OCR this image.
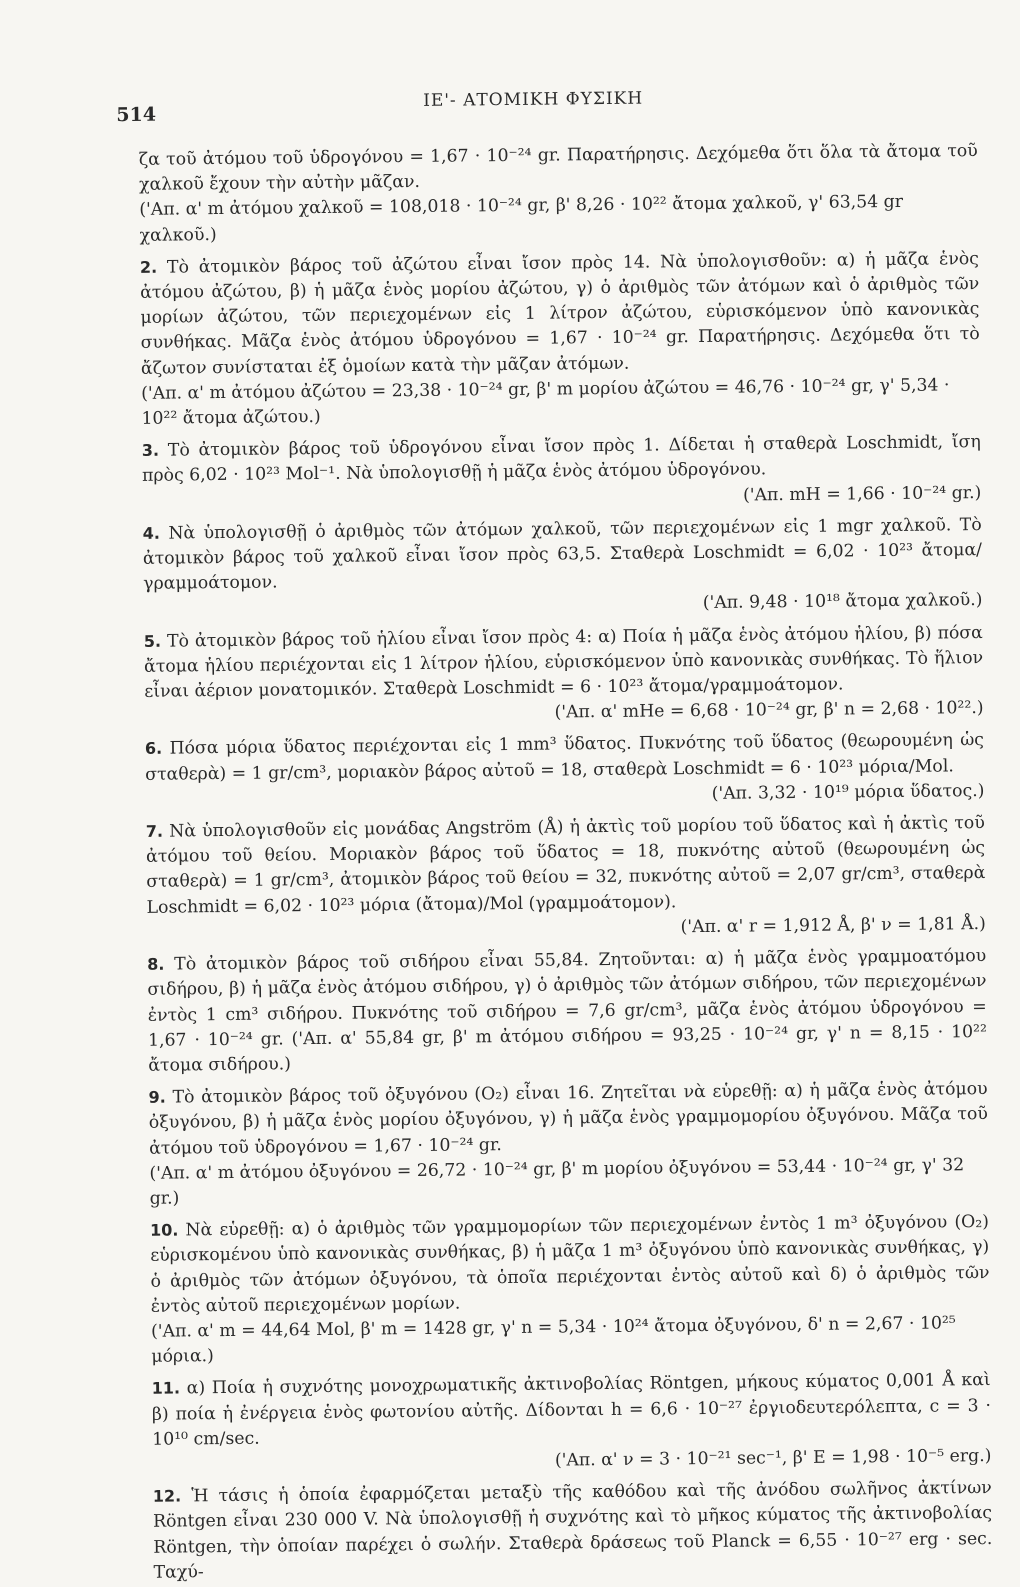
514
ΙΕ'- ΑΤΟΜΙΚΗ ΦΥΣΙΚΗ

ζα τοῦ ἀτόμου τοῦ ὑδρογόνου = 1,67 · 10⁻²⁴ gr. Παρατήρησις. Δεχόμεθα ὅτι ὅλα τὰ ἄτομα τοῦ χαλκοῦ ἔχουν τὴν αὐτὴν μᾶζαν.

('Απ. α' m ἀτόμου χαλκοῦ = 108,018 · 10⁻²⁴ gr, β' 8,26 · 10²² ἄτομα χαλκοῦ, γ' 63,54 gr χαλκοῦ.)

2. Τὸ ἀτομικὸν βάρος τοῦ ἀζώτου εἶναι ἴσον πρὸς 14. Νὰ ὑπολογισθοῦν: α) ἡ μᾶζα ἑνὸς ἀτόμου ἀζώτου, β) ἡ μᾶζα ἑνὸς μορίου ἀζώτου, γ) ὁ ἀριθμὸς τῶν ἀτόμων καὶ ὁ ἀριθμὸς τῶν μορίων ἀζώτου, τῶν περιεχομένων εἰς 1 λίτρον ἀζώτου, εὑρισκόμενον ὑπὸ κανονικὰς συνθήκας. Μᾶζα ἑνὸς ἀτόμου ὑδρογόνου = 1,67 · 10⁻²⁴ gr. Παρατήρησις. Δεχόμεθα ὅτι τὸ ἄζωτον συνίσταται ἐξ ὁμοίων κατὰ τὴν μᾶζαν ἀτόμων.

('Απ. α' m ἀτόμου ἀζώτου = 23,38 · 10⁻²⁴ gr, β' m μορίου ἀζώτου = 46,76 · 10⁻²⁴ gr, γ' 5,34 · 10²² ἄτομα ἀζώτου.)

3. Τὸ ἀτομικὸν βάρος τοῦ ὑδρογόνου εἶναι ἴσον πρὸς 1. Δίδεται ἡ σταθερὰ Loschmidt, ἴση πρὸς 6,02 · 10²³ Mol⁻¹. Νὰ ὑπολογισθῇ ἡ μᾶζα ἑνὸς ἀτόμου ὑδρογόνου.

('Απ. mH = 1,66 · 10⁻²⁴ gr.)

4. Νὰ ὑπολογισθῇ ὁ ἀριθμὸς τῶν ἀτόμων χαλκοῦ, τῶν περιεχομένων εἰς 1 mgr χαλκοῦ. Τὸ ἀτομικὸν βάρος τοῦ χαλκοῦ εἶναι ἴσον πρὸς 63,5. Σταθερὰ Loschmidt = 6,02 · 10²³ ἄτομα/γραμμοάτομον.

('Απ. 9,48 · 10¹⁸ ἄτομα χαλκοῦ.)

5. Τὸ ἀτομικὸν βάρος τοῦ ἡλίου εἶναι ἴσον πρὸς 4: α) Ποία ἡ μᾶζα ἑνὸς ἀτόμου ἡλίου, β) πόσα ἄτομα ἡλίου περιέχονται εἰς 1 λίτρον ἡλίου, εὑρισκόμενον ὑπὸ κανονικὰς συνθήκας. Τὸ ἥλιον εἶναι ἀέριον μονατομικόν. Σταθερὰ Loschmidt = 6 · 10²³ ἄτομα/γραμμοάτομον.

('Απ. α' mHe = 6,68 · 10⁻²⁴ gr, β' n = 2,68 · 10²².)

6. Πόσα μόρια ὕδατος περιέχονται εἰς 1 mm³ ὕδατος. Πυκνότης τοῦ ὕδατος (θεωρουμένη ὡς σταθερὰ) = 1 gr/cm³, μοριακὸν βάρος αὐτοῦ = 18, σταθερὰ Loschmidt = 6 · 10²³ μόρια/Mol.

('Απ. 3,32 · 10¹⁹ μόρια ὕδατος.)

7. Νὰ ὑπολογισθοῦν εἰς μονάδας Angström (Å) ἡ ἀκτὶς τοῦ μορίου τοῦ ὕδατος καὶ ἡ ἀκτὶς τοῦ ἀτόμου τοῦ θείου. Μοριακὸν βάρος τοῦ ὕδατος = 18, πυκνότης αὐτοῦ (θεωρουμένη ὡς σταθερὰ) = 1 gr/cm³, ἀτομικὸν βάρος τοῦ θείου = 32, πυκνότης αὐτοῦ = 2,07 gr/cm³, σταθερὰ Loschmidt = 6,02 · 10²³ μόρια (ἄτομα)/Mol (γραμμοάτομον).

('Απ. α' r = 1,912 Å, β' ν = 1,81 Å.)

8. Τὸ ἀτομικὸν βάρος τοῦ σιδήρου εἶναι 55,84. Ζητοῦνται: α) ἡ μᾶζα ἑνὸς γραμμοατόμου σιδήρου, β) ἡ μᾶζα ἑνὸς ἀτόμου σιδήρου, γ) ὁ ἀριθμὸς τῶν ἀτόμων σιδήρου, τῶν περιεχομένων ἐντὸς 1 cm³ σιδήρου. Πυκνότης τοῦ σιδήρου = 7,6 gr/cm³, μᾶζα ἑνὸς ἀτόμου ὑδρογόνου = 1,67 · 10⁻²⁴ gr. ('Απ. α' 55,84 gr, β' m ἀτόμου σιδήρου = 93,25 · 10⁻²⁴ gr, γ' n = 8,15 · 10²² ἄτομα σιδήρου.)

9. Τὸ ἀτομικὸν βάρος τοῦ ὀξυγόνου (O₂) εἶναι 16. Ζητεῖται νὰ εὑρεθῇ: α) ἡ μᾶζα ἑνὸς ἀτόμου ὀξυγόνου, β) ἡ μᾶζα ἑνὸς μορίου ὀξυγόνου, γ) ἡ μᾶζα ἑνὸς γραμμομορίου ὀξυγόνου. Μᾶζα τοῦ ἀτόμου τοῦ ὑδρογόνου = 1,67 · 10⁻²⁴ gr.

('Απ. α' m ἀτόμου ὀξυγόνου = 26,72 · 10⁻²⁴ gr, β' m μορίου ὀξυγόνου = 53,44 · 10⁻²⁴ gr, γ' 32 gr.)

10. Νὰ εὑρεθῇ: α) ὁ ἀριθμὸς τῶν γραμμομορίων τῶν περιεχομένων ἐντὸς 1 m³ ὀξυγόνου (O₂) εὑρισκομένου ὑπὸ κανονικὰς συνθήκας, β) ἡ μᾶζα 1 m³ ὀξυγόνου ὑπὸ κανονικὰς συνθήκας, γ) ὁ ἀριθμὸς τῶν ἀτόμων ὀξυγόνου, τὰ ὁποῖα περιέχονται ἐντὸς αὐτοῦ καὶ δ) ὁ ἀριθμὸς τῶν ἐντὸς αὐτοῦ περιεχομένων μορίων.

('Απ. α' m = 44,64 Mol, β' m = 1428 gr, γ' n = 5,34 · 10²⁴ ἄτομα ὀξυγόνου, δ' n = 2,67 · 10²⁵ μόρια.)

11. α) Ποία ἡ συχνότης μονοχρωματικῆς ἀκτινοβολίας Röntgen, μήκους κύματος 0,001 Å καὶ β) ποία ἡ ἐνέργεια ἑνὸς φωτονίου αὐτῆς. Δίδονται h = 6,6 · 10⁻²⁷ ἐργιοδευτερόλεπτα, c = 3 · 10¹⁰ cm/sec.

('Απ. α' ν = 3 · 10⁻²¹ sec⁻¹, β' E = 1,98 · 10⁻⁵ erg.)

12. Ἡ τάσις ἡ ὁποία ἐφαρμόζεται μεταξὺ τῆς καθόδου καὶ τῆς ἀνόδου σωλῆνος ἀκτίνων Röntgen εἶναι 230 000 V. Νὰ ὑπολογισθῇ ἡ συχνότης καὶ τὸ μῆκος κύματος τῆς ἀκτινοβολίας Röntgen, τὴν ὁποίαν παρέχει ὁ σωλήν. Σταθερὰ δράσεως τοῦ Planck = 6,55 · 10⁻²⁷ erg · sec. Ταχύ-
